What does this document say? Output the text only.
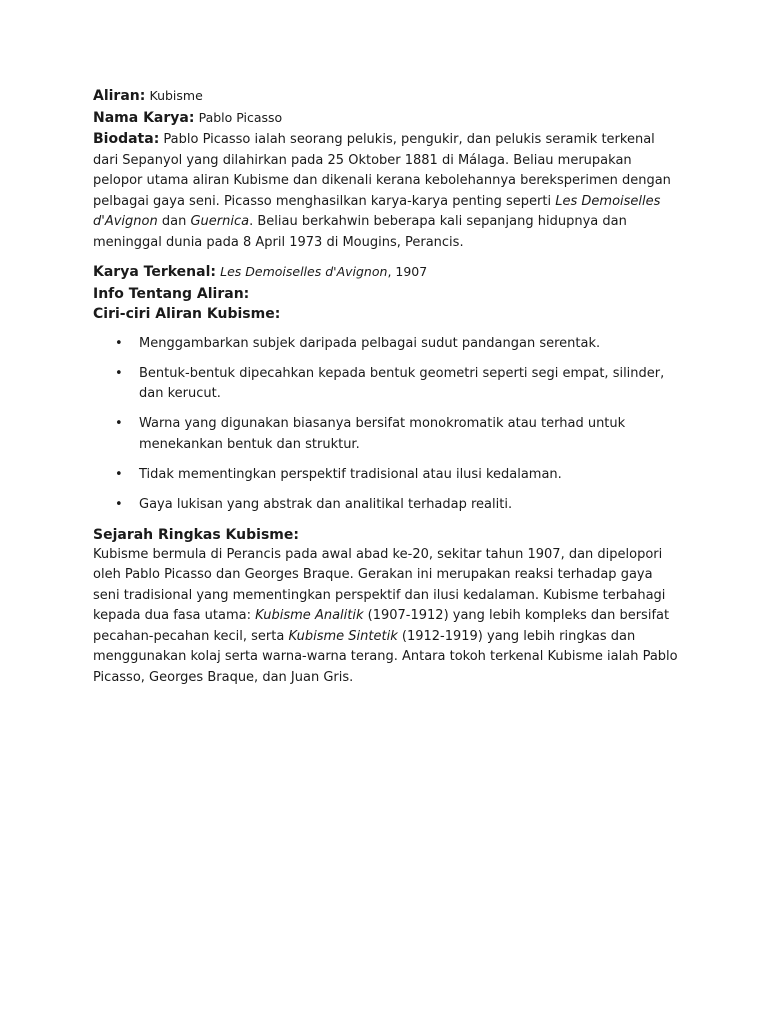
Aliran: Kubisme

Nama Karya: Pablo Picasso

Biodata: Pablo Picasso ialah seorang pelukis, pengukir, dan pelukis seramik terkenal dari Sepanyol yang dilahirkan pada 25 Oktober 1881 di Málaga. Beliau merupakan pelopor utama aliran Kubisme dan dikenali kerana kebolehannya bereksperimen dengan pelbagai gaya seni. Picasso menghasilkan karya-karya penting seperti Les Demoiselles d'Avignon dan Guernica. Beliau berkahwin beberapa kali sepanjang hidupnya dan meninggal dunia pada 8 April 1973 di Mougins, Perancis.

Karya Terkenal: Les Demoiselles d'Avignon, 1907

Info Tentang Aliran:

Ciri-ciri Aliran Kubisme:

• Menggambarkan subjek daripada pelbagai sudut pandangan serentak.
• Bentuk-bentuk dipecahkan kepada bentuk geometri seperti segi empat, silinder, dan kerucut.
• Warna yang digunakan biasanya bersifat monokromatik atau terhad untuk menekankan bentuk dan struktur.
• Tidak mementingkan perspektif tradisional atau ilusi kedalaman.
• Gaya lukisan yang abstrak dan analitikal terhadap realiti.

Sejarah Ringkas Kubisme:

Kubisme bermula di Perancis pada awal abad ke-20, sekitar tahun 1907, dan dipelopori oleh Pablo Picasso dan Georges Braque. Gerakan ini merupakan reaksi terhadap gaya seni tradisional yang mementingkan perspektif dan ilusi kedalaman. Kubisme terbahagi kepada dua fasa utama: Kubisme Analitik (1907-1912) yang lebih kompleks dan bersifat pecahan-pecahan kecil, serta Kubisme Sintetik (1912-1919) yang lebih ringkas dan menggunakan kolaj serta warna-warna terang. Antara tokoh terkenal Kubisme ialah Pablo Picasso, Georges Braque, dan Juan Gris.
